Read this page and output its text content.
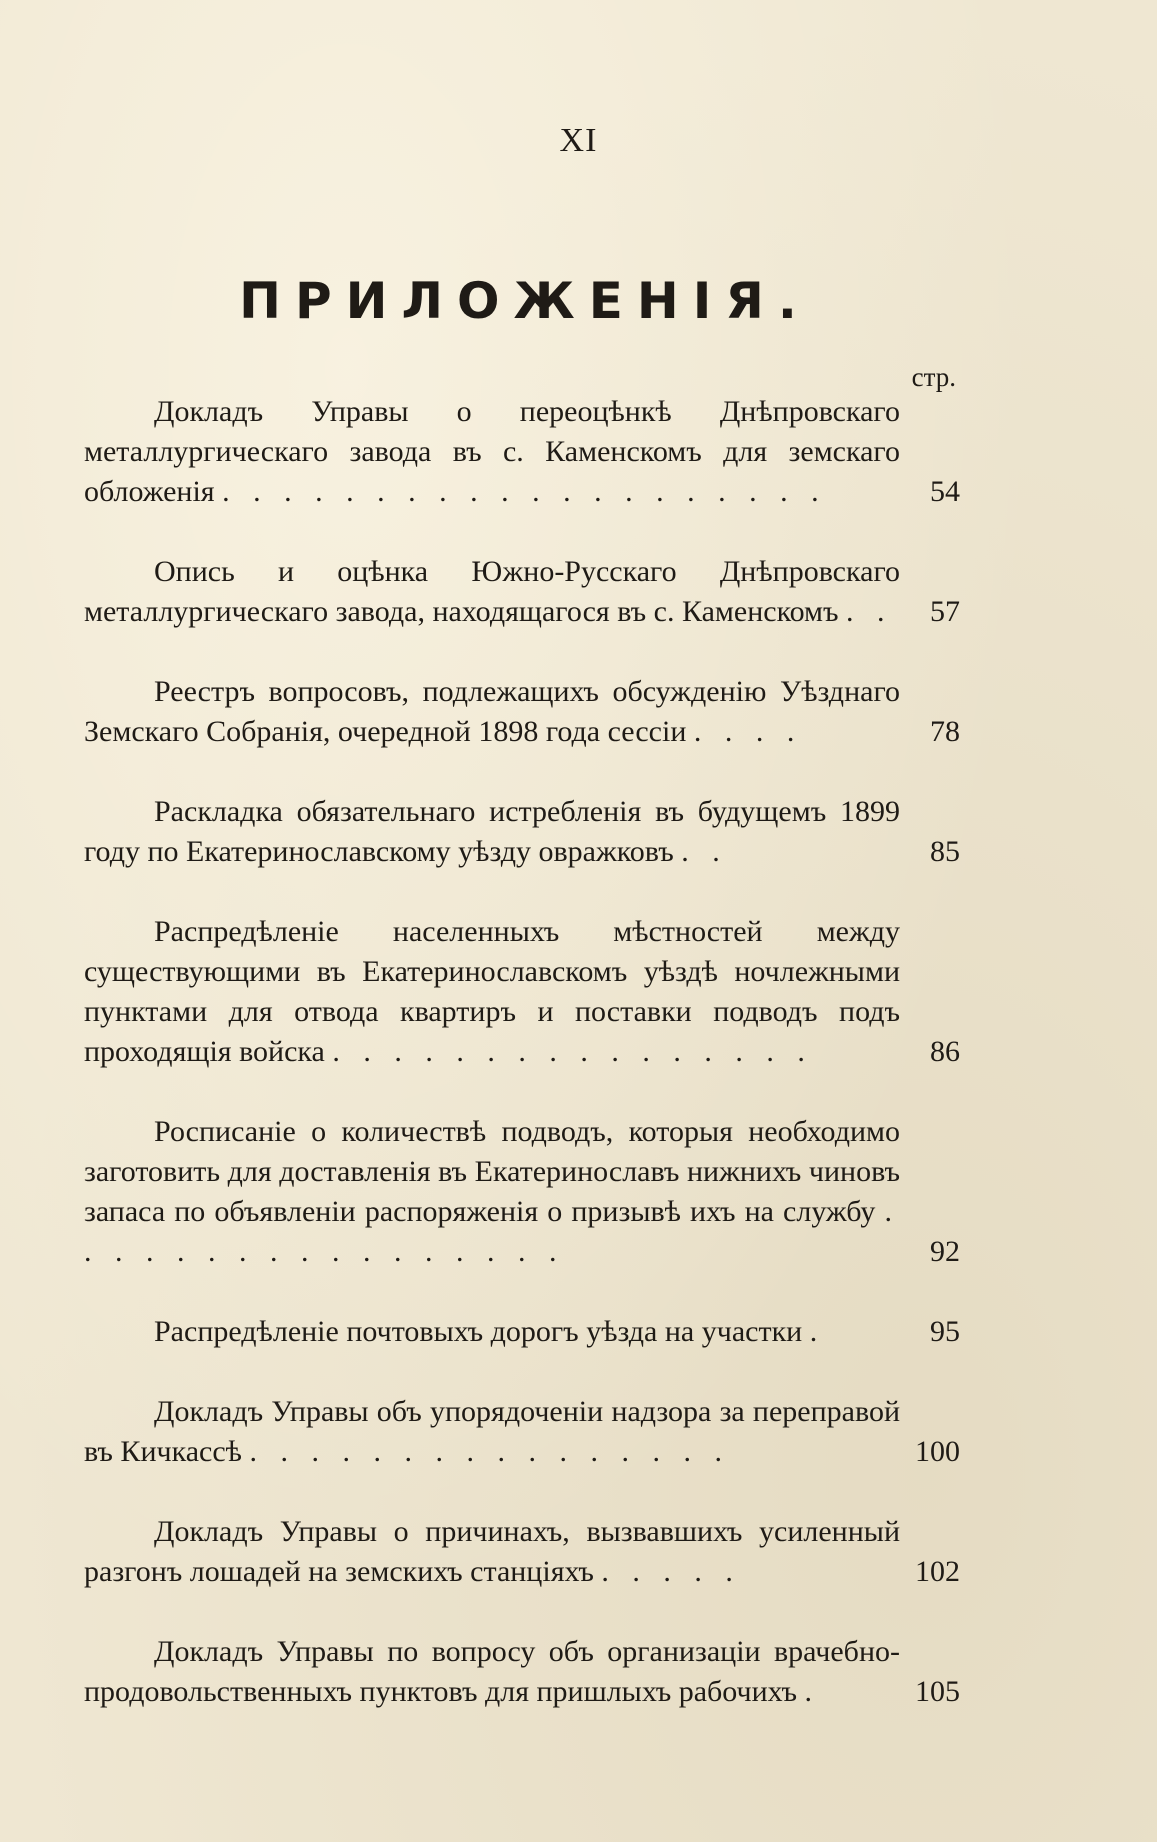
XI
ПРИЛОЖЕНIЯ.
стр.
Докладъ Управы о переоцѣнкѣ Днѣпровскаго металлургическаго завода въ с. Каменскомъ для земскаго обложенія . . . . . . . . . . . . . . . . . . . .	54
Опись и оцѣнка Южно-Русскаго Днѣпровскаго металлургическаго завода, находящагося въ с. Каменскомъ . .	57
Реестръ вопросовъ, подлежащихъ обсужденію Уѣзднаго Земскаго Собранія, очередной 1898 года сессіи . . . .	78
Раскладка обязательнаго истребленія въ будущемъ 1899 году по Екатеринославскому уѣзду овражковъ . .	85
Распредѣленіе населенныхъ мѣстностей между существующими въ Екатеринославскомъ уѣздѣ ночлежными пунктами для отвода квартиръ и поставки подводъ подъ проходящія войска . . . . . . . . . . . . . . . .	86
Росписаніе о количествѣ подводъ, которыя необходимо заготовить для доставленія въ Екатеринославъ нижнихъ чиновъ запаса по объявленіи распоряженія о призывѣ ихъ на службу . . . . . . . . . . . . . . . . .	92
Распредѣленіе почтовыхъ дорогъ уѣзда на участки .	95
Докладъ Управы объ упорядоченіи надзора за переправой въ Кичкассѣ . . . . . . . . . . . . . . . .	100
Докладъ Управы о причинахъ, вызвавшихъ усиленный разгонъ лошадей на земскихъ станціяхъ . . . . .	102
Докладъ Управы по вопросу объ организаціи врачебно-продовольственныхъ пунктовъ для пришлыхъ рабочихъ .	105
